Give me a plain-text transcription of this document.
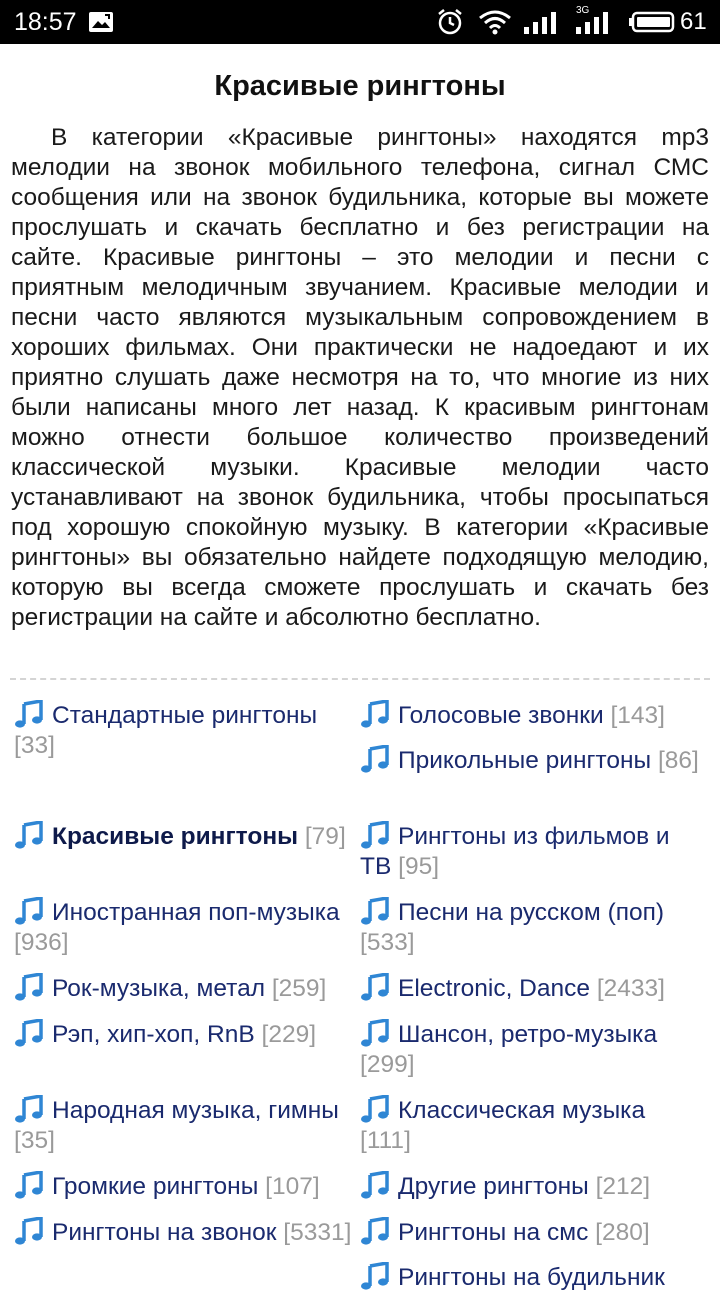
18:57	3G	61
Красивые рингтоны

В категории «Красивые рингтоны» находятся mp3 мелодии на звонок мобильного телефона, сигнал СМС сообщения или на звонок будильника, которые вы можете прослушать и скачать бесплатно и без регистрации на сайте. Красивые рингтоны – это мелодии и песни с приятным мелодичным звучанием. Красивые мелодии и песни часто являются музыкальным сопровождением в хороших фильмах. Они практически не надоедают и их приятно слушать даже несмотря на то, что многие из них были написаны много лет назад. К красивым рингтонам можно отнести большое количество произведений классической музыки. Красивые мелодии часто устанавливают на звонок будильника, чтобы просыпаться под хорошую спокойную музыку. В категории «Красивые рингтоны» вы обязательно найдете подходящую мелодию, которую вы всегда сможете прослушать и скачать без регистрации на сайте и абсолютно бесплатно.

Стандартные рингтоны [ 33 ]
Голосовые звонки [ 143 ]
Прикольные рингтоны [ 86 ]
Красивые рингтоны [ 79 ]	Рингтоны из фильмов и ТВ [ 95 ]
Иностранная поп-музыка [ 936 ]
Песни на русском (поп) [ 533 ]
Рок-музыка, метал [ 259 ]	Electronic, Dance [ 2433 ]
Рэп, хип-хоп, RnB [ 229 ]	Шансон, ретро-музыка [ 299 ]
Народная музыка, гимны [ 35 ]
Классическая музыка [ 111 ]
Громкие рингтоны [ 107 ]	Другие рингтоны [ 212 ]
Рингтоны на звонок [ 5331 ]	Рингтоны на смс [ 280 ]
Рингтоны на будильник
